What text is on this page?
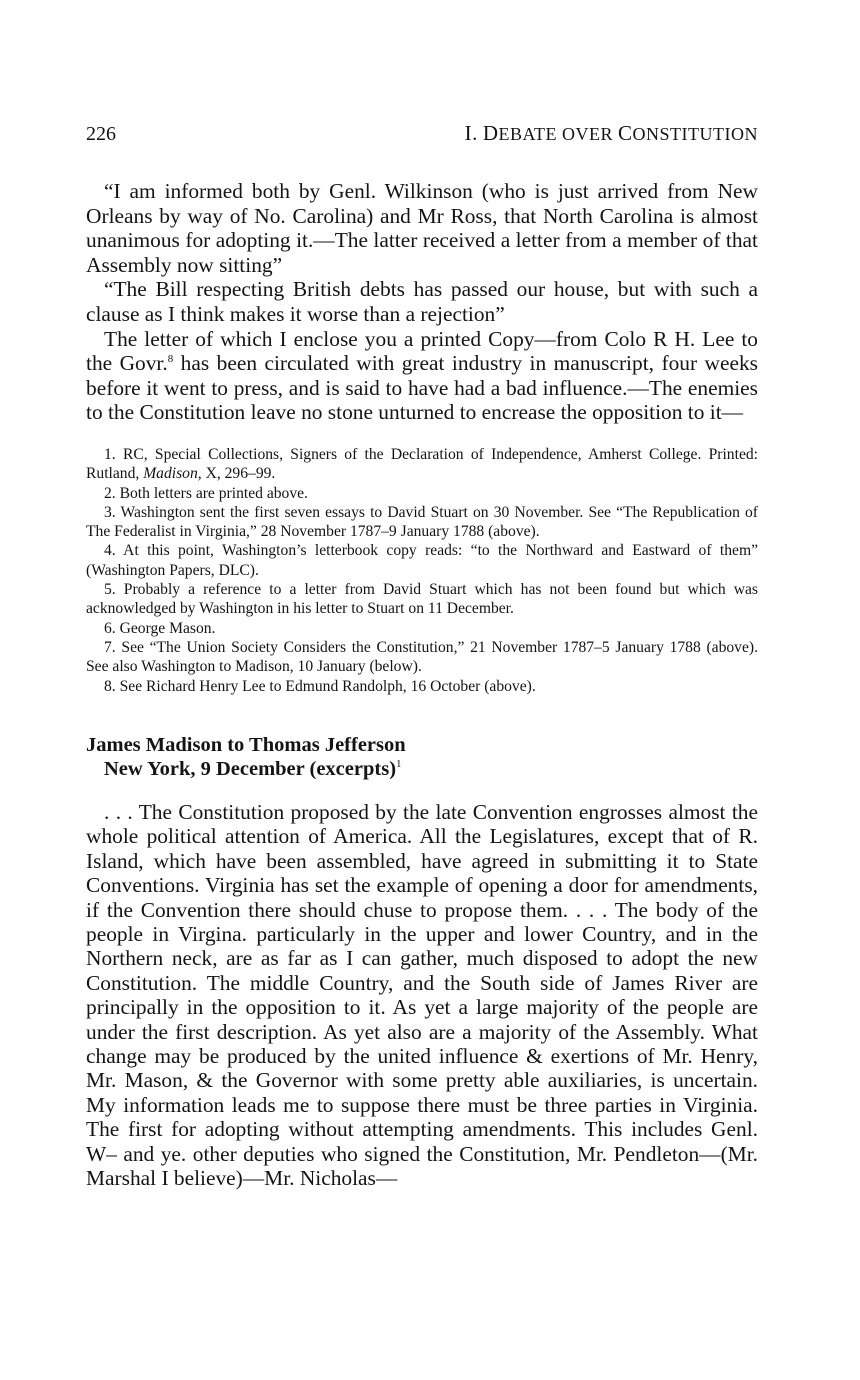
226	I. DEBATE OVER CONSTITUTION

“I am informed both by Genl. Wilkinson (who is just arrived from New Orleans by way of No. Carolina) and Mr Ross, that North Carolina is almost unanimous for adopting it.—The latter received a letter from a member of that Assembly now sitting”

“The Bill respecting British debts has passed our house, but with such a clause as I think makes it worse than a rejection”

The letter of which I enclose you a printed Copy—from Colo R H. Lee to the Govr.$^8$ has been circulated with great industry in manuscript, four weeks before it went to press, and is said to have had a bad influence.—The enemies to the Constitution leave no stone unturned to encrease the opposition to it—

1. RC, Special Collections, Signers of the Declaration of Independence, Amherst College. Printed: Rutland, Madison, X, 296–99.

2. Both letters are printed above.

3. Washington sent the first seven essays to David Stuart on 30 November. See “The Republication of The Federalist in Virginia,” 28 November 1787–9 January 1788 (above).

4. At this point, Washington’s letterbook copy reads: “to the Northward and Eastward of them” (Washington Papers, DLC).

5. Probably a reference to a letter from David Stuart which has not been found but which was acknowledged by Washington in his letter to Stuart on 11 December.

6. George Mason.

7. See “The Union Society Considers the Constitution,” 21 November 1787–5 January 1788 (above). See also Washington to Madison, 10 January (below).

8. See Richard Henry Lee to Edmund Randolph, 16 October (above).

James Madison to Thomas Jefferson
New York, 9 December (excerpts)$^1$

. . . The Constitution proposed by the late Convention engrosses almost the whole political attention of America. All the Legislatures, except that of R. Island, which have been assembled, have agreed in submitting it to State Conventions. Virginia has set the example of opening a door for amendments, if the Convention there should chuse to propose them. . . . The body of the people in Virgina. particularly in the upper and lower Country, and in the Northern neck, are as far as I can gather, much disposed to adopt the new Constitution. The middle Country, and the South side of James River are principally in the opposition to it. As yet a large majority of the people are under the first description. As yet also are a majority of the Assembly. What change may be produced by the united influence & exertions of Mr. Henry, Mr. Mason, & the Governor with some pretty able auxiliaries, is uncertain. My information leads me to suppose there must be three parties in Virginia. The first for adopting without attempting amendments. This includes Genl. W– and ye. other deputies who signed the Constitution, Mr. Pendleton—(Mr. Marshal I believe)—Mr. Nicholas—
